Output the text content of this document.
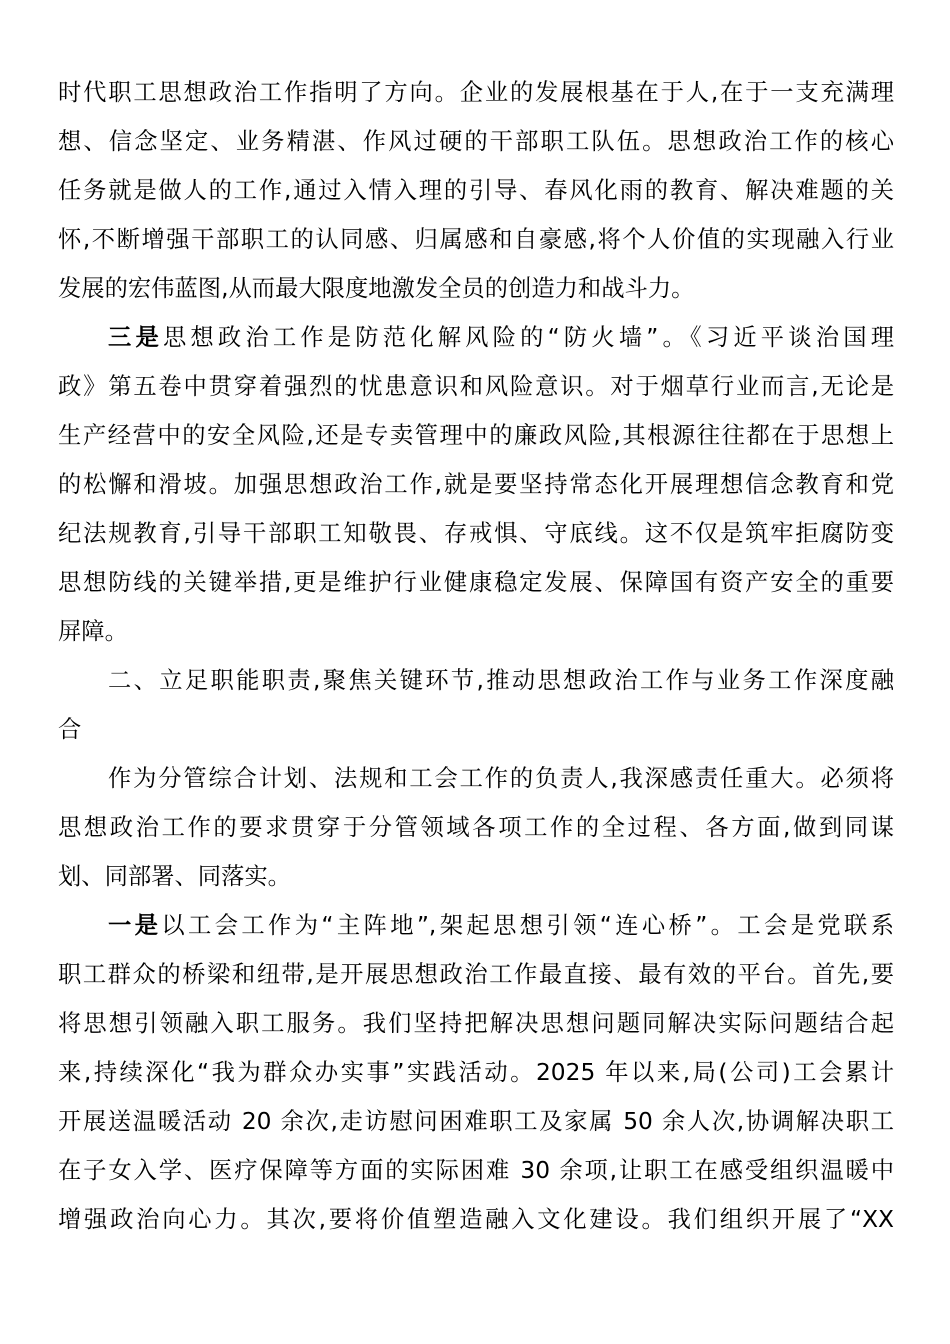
时代职工思想政治工作指明了方向。企业的发展根基在于人,在于一支充满理
想、信念坚定、业务精湛、作风过硬的干部职工队伍。思想政治工作的核心
任务就是做人的工作,通过入情入理的引导、春风化雨的教育、解决难题的关
怀,不断增强干部职工的认同感、归属感和自豪感,将个人价值的实现融入行业
发展的宏伟蓝图,从而最大限度地激发全员的创造力和战斗力。
三是思想政治工作是防范化解风险的“防火墙”。《习近平谈治国理
政》第五卷中贯穿着强烈的忧患意识和风险意识。对于烟草行业而言,无论是
生产经营中的安全风险,还是专卖管理中的廉政风险,其根源往往都在于思想上
的松懈和滑坡。加强思想政治工作,就是要坚持常态化开展理想信念教育和党
纪法规教育,引导干部职工知敬畏、存戒惧、守底线。这不仅是筑牢拒腐防变
思想防线的关键举措,更是维护行业健康稳定发展、保障国有资产安全的重要
屏障。
二、立足职能职责,聚焦关键环节,推动思想政治工作与业务工作深度融
合
作为分管综合计划、法规和工会工作的负责人,我深感责任重大。必须将
思想政治工作的要求贯穿于分管领域各项工作的全过程、各方面,做到同谋
划、同部署、同落实。
一是以工会工作为“主阵地”,架起思想引领“连心桥”。工会是党联系
职工群众的桥梁和纽带,是开展思想政治工作最直接、最有效的平台。首先,要
将思想引领融入职工服务。我们坚持把解决思想问题同解决实际问题结合起
来,持续深化“我为群众办实事”实践活动。2025 年以来,局(公司)工会累计
开展送温暖活动 20 余次,走访慰问困难职工及家属 50 余人次,协调解决职工
在子女入学、医疗保障等方面的实际困难 30 余项,让职工在感受组织温暖中
增强政治向心力。其次,要将价值塑造融入文化建设。我们组织开展了“XX
